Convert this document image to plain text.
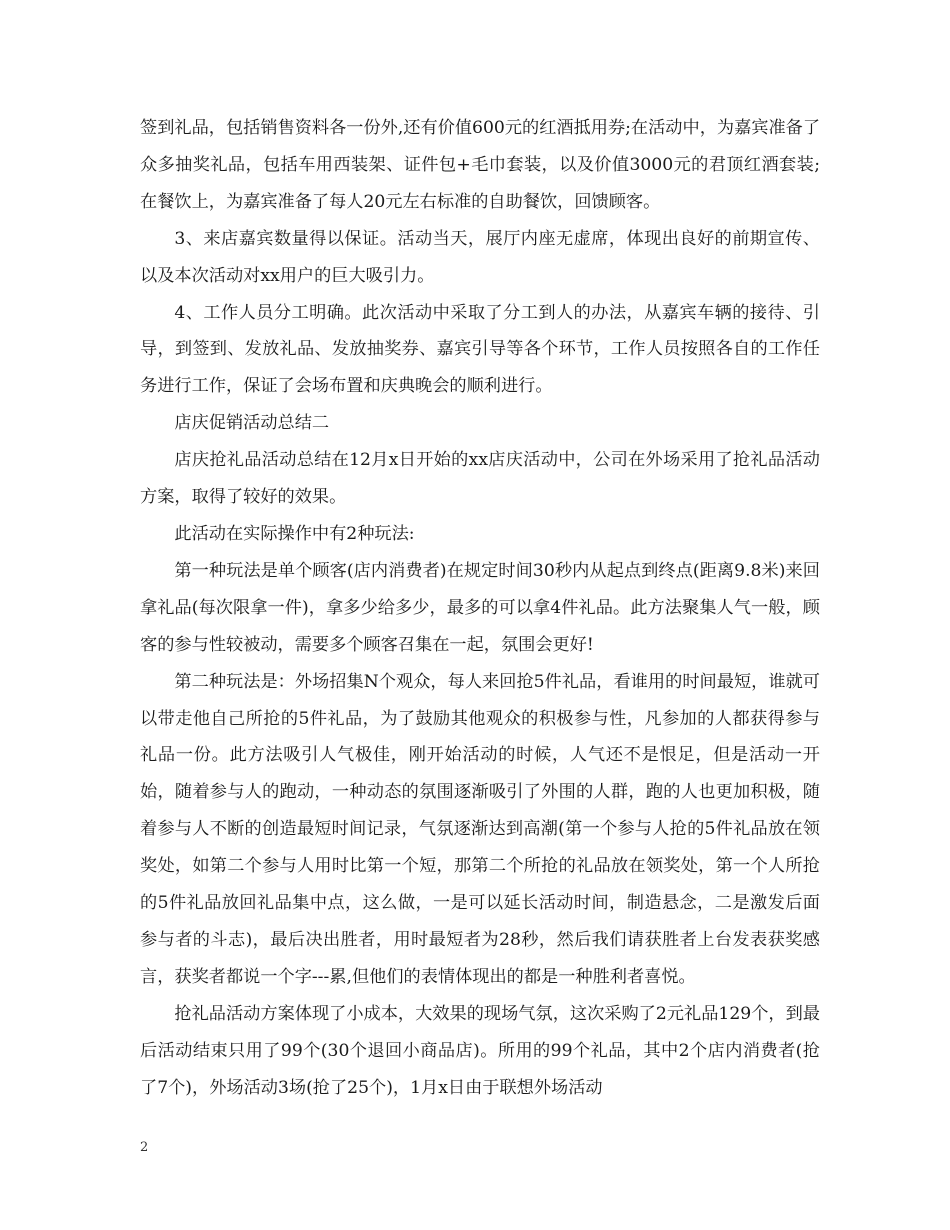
签到礼品，包括销售资料各一份外,还有价值600元的红酒抵用券;在活动中，为嘉宾准备了众多抽奖礼品，包括车用西装架、证件包+毛巾套装，以及价值3000元的君顶红酒套装;在餐饮上，为嘉宾准备了每人20元左右标准的自助餐饮，回馈顾客。

3、来店嘉宾数量得以保证。活动当天，展厅内座无虚席，体现出良好的前期宣传、以及本次活动对xx用户的巨大吸引力。

4、工作人员分工明确。此次活动中采取了分工到人的办法，从嘉宾车辆的接待、引导，到签到、发放礼品、发放抽奖券、嘉宾引导等各个环节，工作人员按照各自的工作任务进行工作，保证了会场布置和庆典晚会的顺利进行。

店庆促销活动总结二

店庆抢礼品活动总结在12月x日开始的xx店庆活动中，公司在外场采用了抢礼品活动方案，取得了较好的效果。

此活动在实际操作中有2种玩法:

第一种玩法是单个顾客(店内消费者)在规定时间30秒内从起点到终点(距离9.8米)来回拿礼品(每次限拿一件)，拿多少给多少，最多的可以拿4件礼品。此方法聚集人气一般，顾客的参与性较被动，需要多个顾客召集在一起，氛围会更好!

第二种玩法是：外场招集N个观众，每人来回抢5件礼品，看谁用的时间最短，谁就可以带走他自己所抢的5件礼品，为了鼓励其他观众的积极参与性，凡参加的人都获得参与礼品一份。此方法吸引人气极佳，刚开始活动的时候，人气还不是恨足，但是活动一开始，随着参与人的跑动，一种动态的氛围逐渐吸引了外围的人群，跑的人也更加积极，随着参与人不断的创造最短时间记录，气氛逐渐达到高潮(第一个参与人抢的5件礼品放在领奖处，如第二个参与人用时比第一个短，那第二个所抢的礼品放在领奖处，第一个人所抢的5件礼品放回礼品集中点，这么做，一是可以延长活动时间，制造悬念，二是激发后面参与者的斗志)，最后决出胜者，用时最短者为28秒，然后我们请获胜者上台发表获奖感言，获奖者都说一个字---累,但他们的表情体现出的都是一种胜利者喜悦。

抢礼品活动方案体现了小成本，大效果的现场气氛，这次采购了2元礼品129个，到最后活动结束只用了99个(30个退回小商品店)。所用的99个礼品，其中2个店内消费者(抢了7个)，外场活动3场(抢了25个)，1月x日由于联想外场活动

2
